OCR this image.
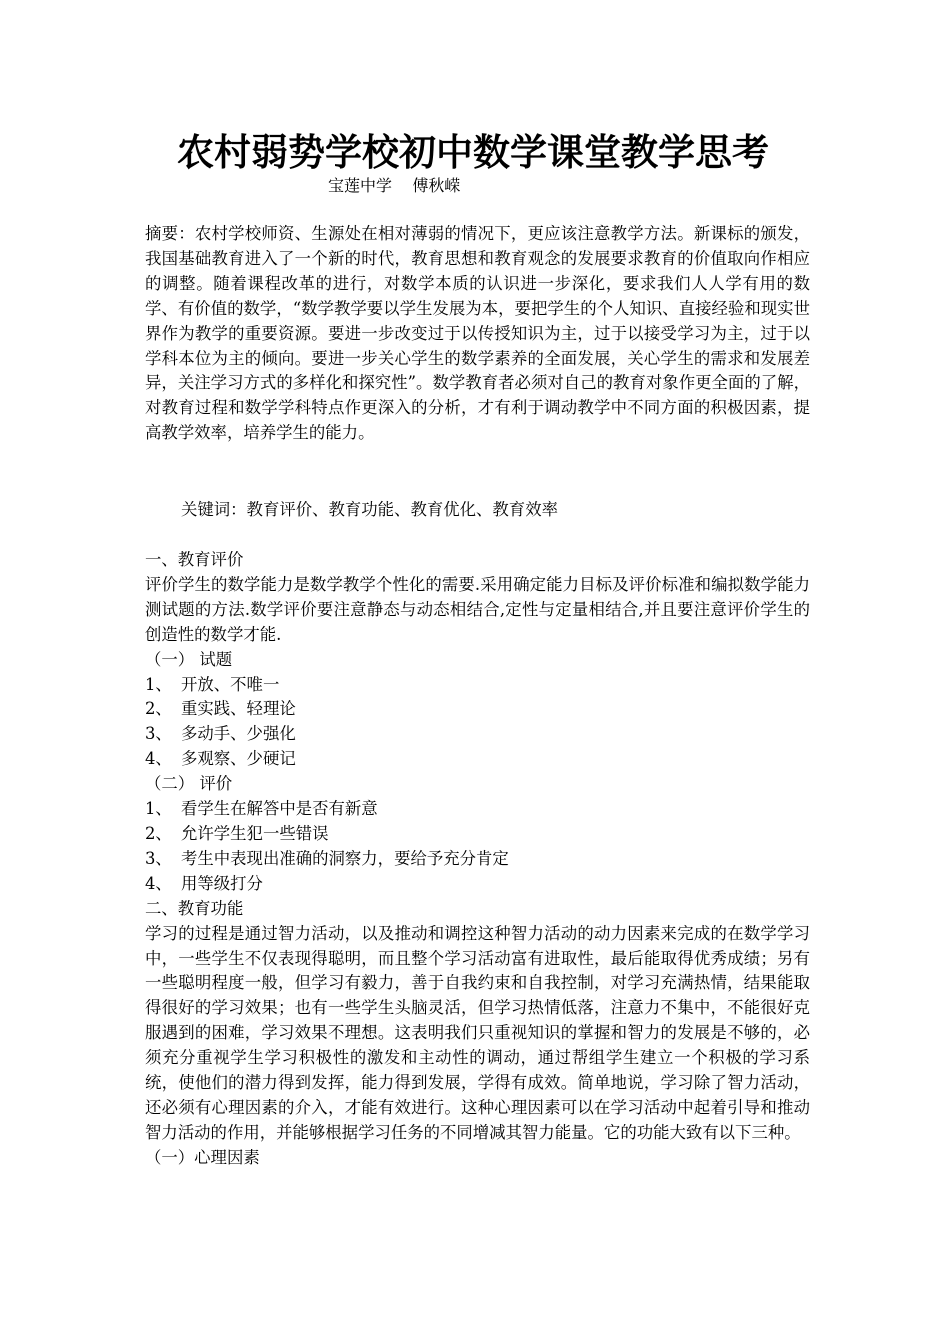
农村弱势学校初中数学课堂教学思考
宝莲中学    傅秋嵘
摘要：农村学校师资、生源处在相对薄弱的情况下，更应该注意教学方法。新课标的颁发，我国基础教育进入了一个新的时代，教育思想和教育观念的发展要求教育的价值取向作相应的调整。随着课程改革的进行，对数学本质的认识进一步深化，要求我们人人学有用的数学、有价值的数学，“数学教学要以学生发展为本，要把学生的个人知识、直接经验和现实世界作为教学的重要资源。要进一步改变过于以传授知识为主，过于以接受学习为主，过于以学科本位为主的倾向。要进一步关心学生的数学素养的全面发展，关心学生的需求和发展差异，关注学习方式的多样化和探究性”。数学教育者必须对自己的教育对象作更全面的了解，对教育过程和数学学科特点作更深入的分析，才有利于调动教学中不同方面的积极因素，提高教学效率，培养学生的能力。
关键词：教育评价、教育功能、教育优化、教育效率
一、教育评价
评价学生的数学能力是数学教学个性化的需要.采用确定能力目标及评价标准和编拟数学能力测试题的方法.数学评价要注意静态与动态相结合,定性与定量相结合,并且要注意评价学生的创造性的数学才能.
（一） 试题
1、 开放、不唯一
2、 重实践、轻理论
3、 多动手、少强化
4、 多观察、少硬记
（二） 评价
1、 看学生在解答中是否有新意
2、 允许学生犯一些错误
3、 考生中表现出准确的洞察力，要给予充分肯定
4、 用等级打分
二、教育功能
学习的过程是通过智力活动，以及推动和调控这种智力活动的动力因素来完成的在数学学习中，一些学生不仅表现得聪明，而且整个学习活动富有进取性，最后能取得优秀成绩；另有一些聪明程度一般，但学习有毅力，善于自我约束和自我控制，对学习充满热情，结果能取得很好的学习效果；也有一些学生头脑灵活，但学习热情低落，注意力不集中，不能很好克服遇到的困难，学习效果不理想。这表明我们只重视知识的掌握和智力的发展是不够的，必须充分重视学生学习积极性的激发和主动性的调动，通过帮组学生建立一个积极的学习系统，使他们的潜力得到发挥，能力得到发展，学得有成效。简单地说，学习除了智力活动，还必须有心理因素的介入，才能有效进行。这种心理因素可以在学习活动中起着引导和推动智力活动的作用，并能够根据学习任务的不同增减其智力能量。它的功能大致有以下三种。
（一）心理因素
